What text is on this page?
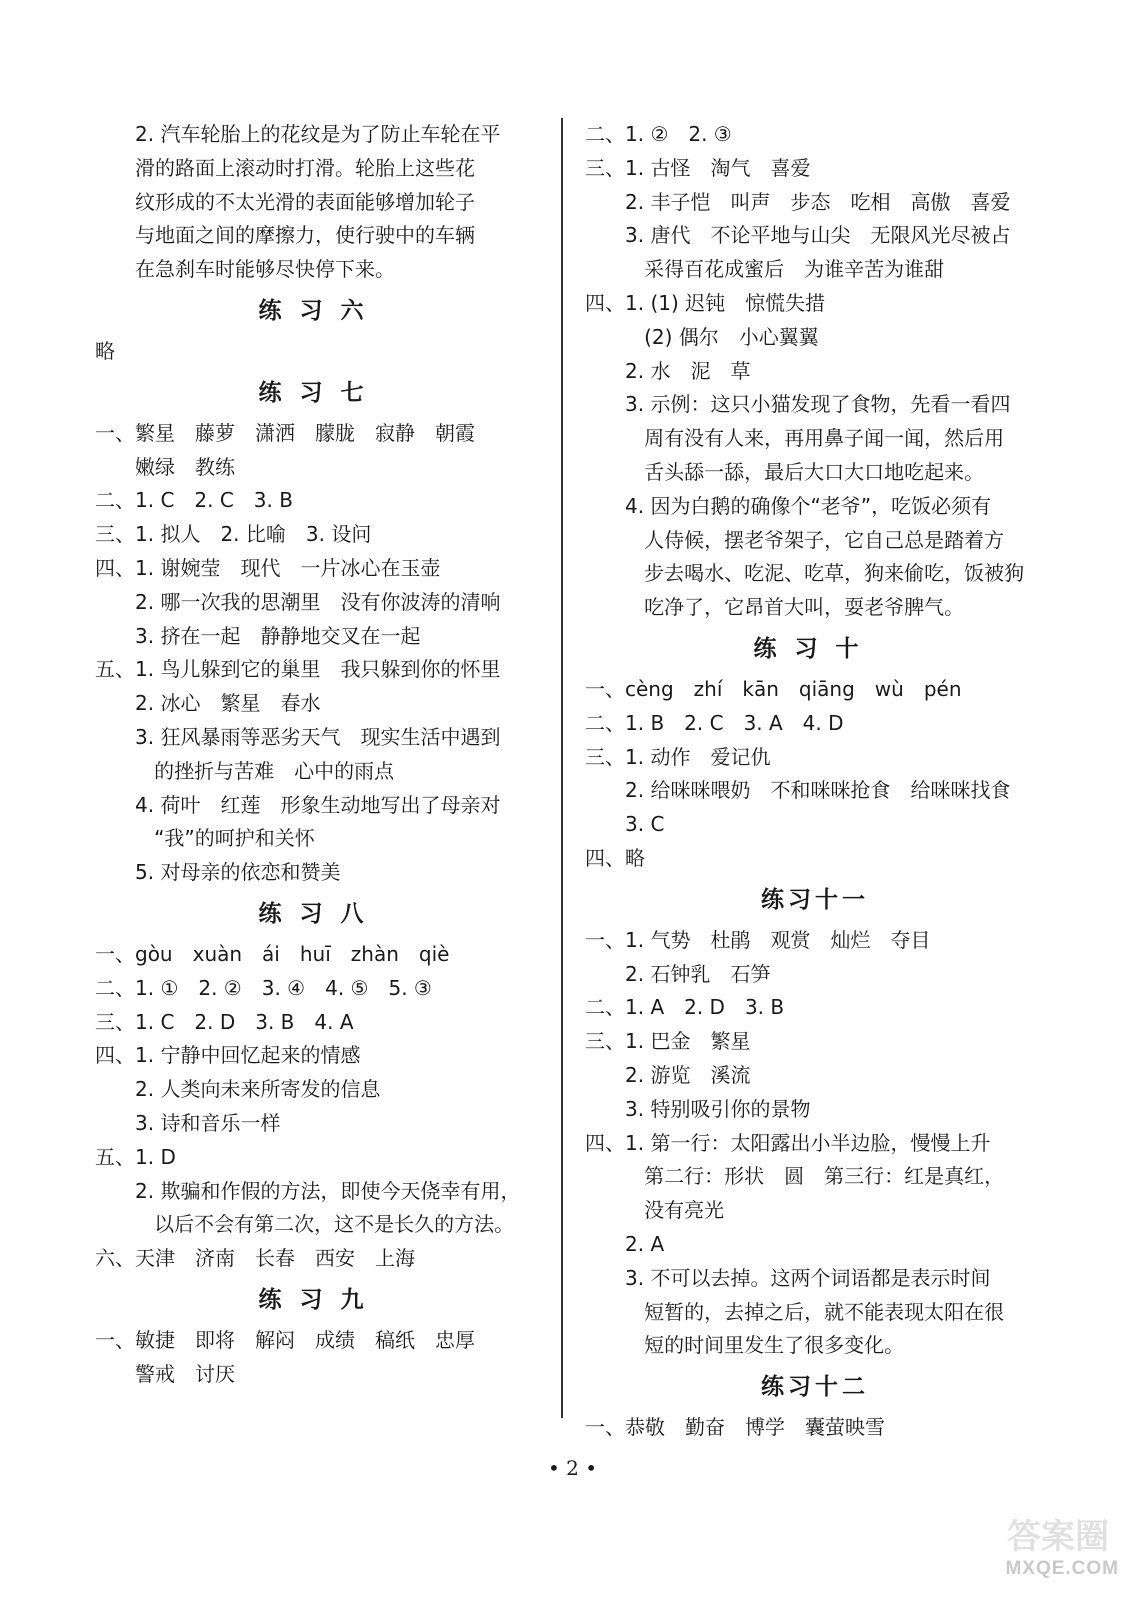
2. 汽车轮胎上的花纹是为了防止车轮在平
滑的路面上滚动时打滑。轮胎上这些花
纹形成的不太光滑的表面能够增加轮子
与地面之间的摩擦力，使行驶中的车辆
在急刹车时能够尽快停下来。
练习六
略
练习七
一、繁星　藤萝　潇洒　朦胧　寂静　朝霞
嫩绿　教练
二、1. C　2. C　3. B
三、1. 拟人　2. 比喻　3. 设问
四、1. 谢婉莹　现代　一片冰心在玉壶
2. 哪一次我的思潮里　没有你波涛的清响
3. 挤在一起　静静地交叉在一起
五、1. 鸟儿躲到它的巢里　我只躲到你的怀里
2. 冰心　繁星　春水
3. 狂风暴雨等恶劣天气　现实生活中遇到
的挫折与苦难　心中的雨点
4. 荷叶　红莲　形象生动地写出了母亲对
“我”的呵护和关怀
5. 对母亲的依恋和赞美
练习八
一、gòu　xuàn　ái　huī　zhàn　qiè
二、1. ①　2. ②　3. ④　4. ⑤　5. ③
三、1. C　2. D　3. B　4. A
四、1. 宁静中回忆起来的情感
2. 人类向未来所寄发的信息
3. 诗和音乐一样
五、1. D
2. 欺骗和作假的方法，即使今天侥幸有用，
以后不会有第二次，这不是长久的方法。
六、天津　济南　长春　西安　上海
练习九
一、敏捷　即将　解闷　成绩　稿纸　忠厚
警戒　讨厌
二、1. ②　2. ③
三、1. 古怪　淘气　喜爱
2. 丰子恺　叫声　步态　吃相　高傲　喜爱
3. 唐代　不论平地与山尖　无限风光尽被占
采得百花成蜜后　为谁辛苦为谁甜
四、1. (1) 迟钝　惊慌失措
(2) 偶尔　小心翼翼
2. 水　泥　草
3. 示例：这只小猫发现了食物，先看一看四
周有没有人来，再用鼻子闻一闻，然后用
舌头舔一舔，最后大口大口地吃起来。
4. 因为白鹅的确像个“老爷”，吃饭必须有
人侍候，摆老爷架子，它自己总是踏着方
步去喝水、吃泥、吃草，狗来偷吃，饭被狗
吃净了，它昂首大叫，耍老爷脾气。
练习十
一、cèng　zhí　kān　qiāng　wù　pén
二、1. B　2. C　3. A　4. D
三、1. 动作　爱记仇
2. 给咪咪喂奶　不和咪咪抢食　给咪咪找食
3. C
四、略
练习十一
一、1. 气势　杜鹃　观赏　灿烂　夺目
2. 石钟乳　石笋
二、1. A　2. D　3. B
三、1. 巴金　繁星
2. 游览　溪流
3. 特别吸引你的景物
四、1. 第一行：太阳露出小半边脸，慢慢上升
第二行：形状　圆　第三行：红是真红，
没有亮光
2. A
3. 不可以去掉。这两个词语都是表示时间
短暂的，去掉之后，就不能表现太阳在很
短的时间里发生了很多变化。
练习十二
一、恭敬　勤奋　博学　囊萤映雪
• 2 •
答案圈
MXQE.COM
